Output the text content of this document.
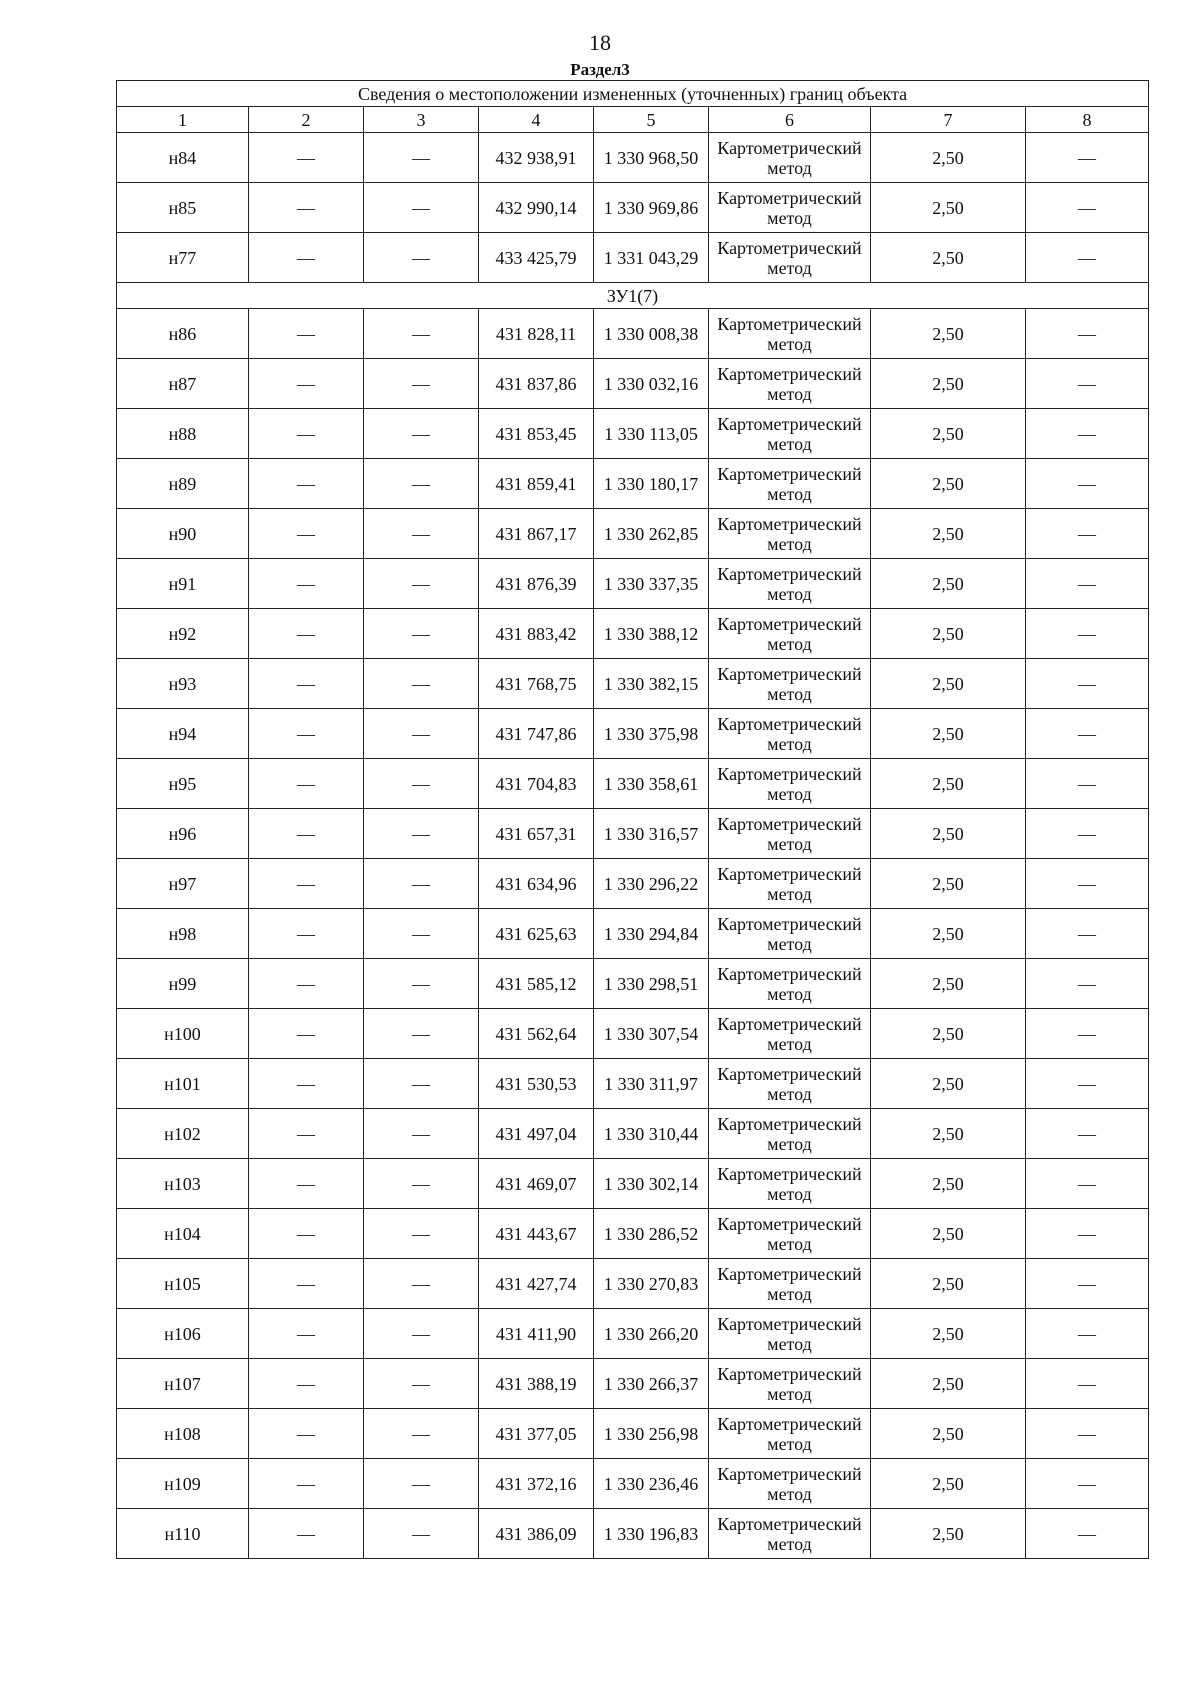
18
Раздел3
Сведения о местоположении измененных (уточненных) границ объекта							
1	2	3	4	5	6	7	8
н84	—	—	432 938,91	1 330 968,50	Картометрический метод	2,50	—
н85	—	—	432 990,14	1 330 969,86	Картометрический метод	2,50	—
н77	—	—	433 425,79	1 331 043,29	Картометрический метод	2,50	—
ЗУ1(7)							
н86	—	—	431 828,11	1 330 008,38	Картометрический метод	2,50	—
н87	—	—	431 837,86	1 330 032,16	Картометрический метод	2,50	—
н88	—	—	431 853,45	1 330 113,05	Картометрический метод	2,50	—
н89	—	—	431 859,41	1 330 180,17	Картометрический метод	2,50	—
н90	—	—	431 867,17	1 330 262,85	Картометрический метод	2,50	—
н91	—	—	431 876,39	1 330 337,35	Картометрический метод	2,50	—
н92	—	—	431 883,42	1 330 388,12	Картометрический метод	2,50	—
н93	—	—	431 768,75	1 330 382,15	Картометрический метод	2,50	—
н94	—	—	431 747,86	1 330 375,98	Картометрический метод	2,50	—
н95	—	—	431 704,83	1 330 358,61	Картометрический метод	2,50	—
н96	—	—	431 657,31	1 330 316,57	Картометрический метод	2,50	—
н97	—	—	431 634,96	1 330 296,22	Картометрический метод	2,50	—
н98	—	—	431 625,63	1 330 294,84	Картометрический метод	2,50	—
н99	—	—	431 585,12	1 330 298,51	Картометрический метод	2,50	—
н100	—	—	431 562,64	1 330 307,54	Картометрический метод	2,50	—
н101	—	—	431 530,53	1 330 311,97	Картометрический метод	2,50	—
н102	—	—	431 497,04	1 330 310,44	Картометрический метод	2,50	—
н103	—	—	431 469,07	1 330 302,14	Картометрический метод	2,50	—
н104	—	—	431 443,67	1 330 286,52	Картометрический метод	2,50	—
н105	—	—	431 427,74	1 330 270,83	Картометрический метод	2,50	—
н106	—	—	431 411,90	1 330 266,20	Картометрический метод	2,50	—
н107	—	—	431 388,19	1 330 266,37	Картометрический метод	2,50	—
н108	—	—	431 377,05	1 330 256,98	Картометрический метод	2,50	—
н109	—	—	431 372,16	1 330 236,46	Картометрический метод	2,50	—
н110	—	—	431 386,09	1 330 196,83	Картометрический метод	2,50	—
